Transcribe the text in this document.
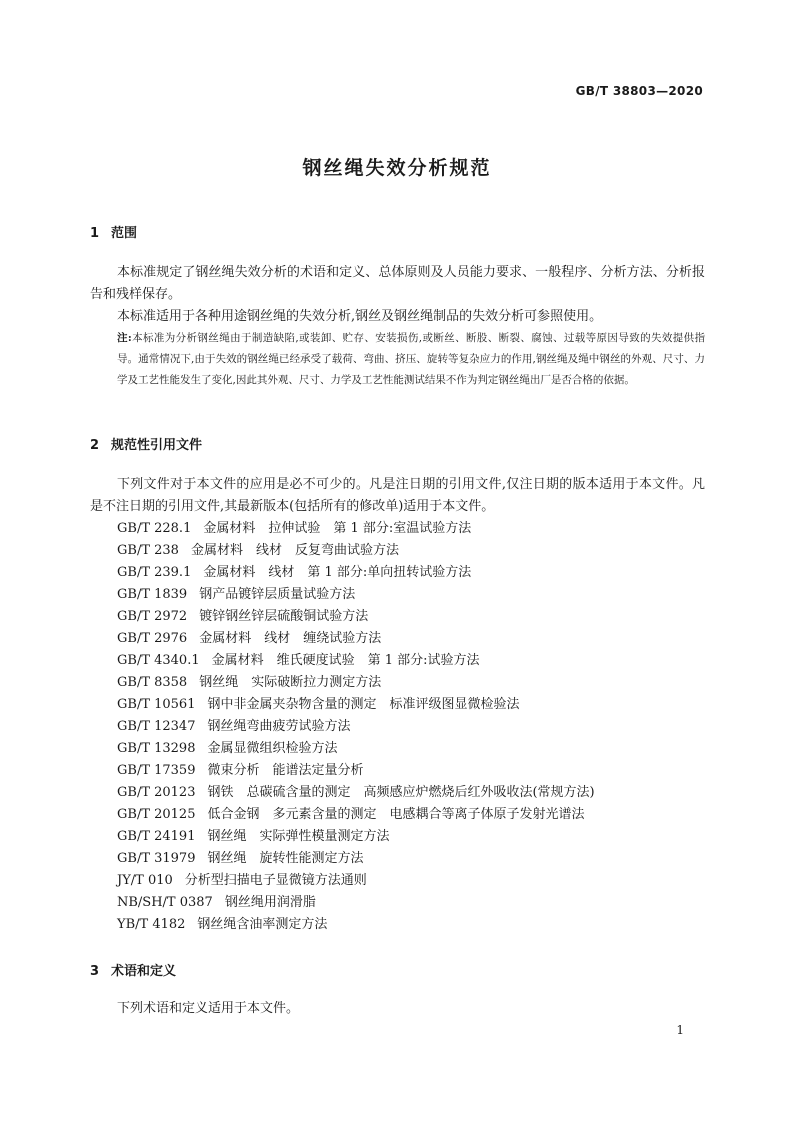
GB/T 38803—2020
钢丝绳失效分析规范
1 范围
本标准规定了钢丝绳失效分析的术语和定义、总体原则及人员能力要求、一般程序、分析方法、分析报告和残样保存。
本标准适用于各种用途钢丝绳的失效分析,钢丝及钢丝绳制品的失效分析可参照使用。
注:本标准为分析钢丝绳由于制造缺陷,或装卸、贮存、安装损伤,或断丝、断股、断裂、腐蚀、过载等原因导致的失效提供指导。通常情况下,由于失效的钢丝绳已经承受了载荷、弯曲、挤压、旋转等复杂应力的作用,钢丝绳及绳中钢丝的外观、尺寸、力学及工艺性能发生了变化,因此其外观、尺寸、力学及工艺性能测试结果不作为判定钢丝绳出厂是否合格的依据。
2 规范性引用文件
下列文件对于本文件的应用是必不可少的。凡是注日期的引用文件,仅注日期的版本适用于本文件。凡是不注日期的引用文件,其最新版本(包括所有的修改单)适用于本文件。
GB/T 228.1 金属材料　拉伸试验　第 1 部分:室温试验方法
GB/T 238 金属材料　线材　反复弯曲试验方法
GB/T 239.1 金属材料　线材　第 1 部分:单向扭转试验方法
GB/T 1839 钢产品镀锌层质量试验方法
GB/T 2972 镀锌钢丝锌层硫酸铜试验方法
GB/T 2976 金属材料　线材　缠绕试验方法
GB/T 4340.1 金属材料　维氏硬度试验　第 1 部分:试验方法
GB/T 8358 钢丝绳　实际破断拉力测定方法
GB/T 10561 钢中非金属夹杂物含量的测定　标准评级图显微检验法
GB/T 12347 钢丝绳弯曲疲劳试验方法
GB/T 13298 金属显微组织检验方法
GB/T 17359 微束分析　能谱法定量分析
GB/T 20123 钢铁　总碳硫含量的测定　高频感应炉燃烧后红外吸收法(常规方法)
GB/T 20125 低合金钢　多元素含量的测定　电感耦合等离子体原子发射光谱法
GB/T 24191 钢丝绳　实际弹性模量测定方法
GB/T 31979 钢丝绳　旋转性能测定方法
JY/T 010 分析型扫描电子显微镜方法通则
NB/SH/T 0387 钢丝绳用润滑脂
YB/T 4182 钢丝绳含油率测定方法
3 术语和定义
下列术语和定义适用于本文件。
1
